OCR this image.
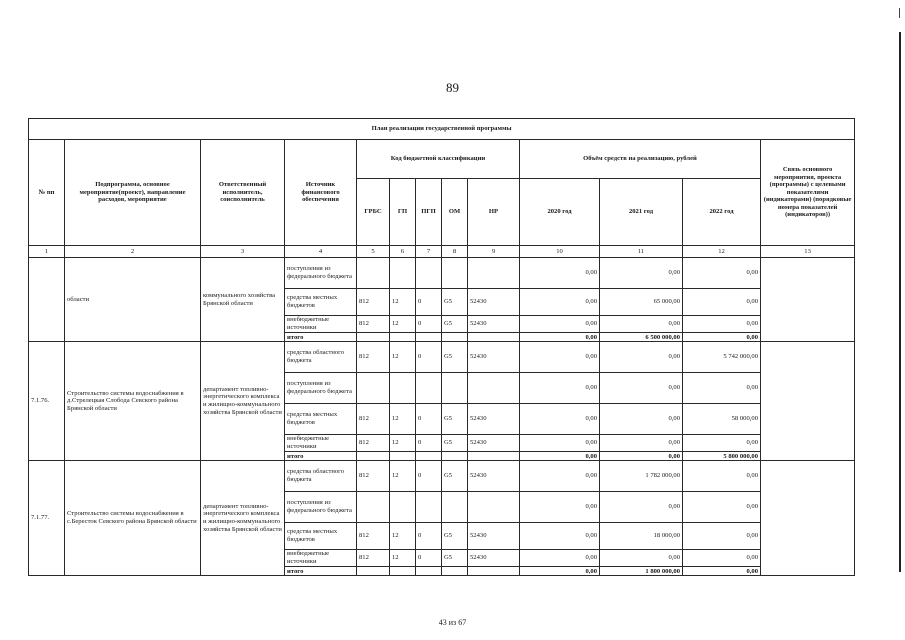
89
План реализации государственной программы												
№ пп	Подпрограмма, основное мероприятие(проект), направление расходов, мероприятие	Ответственный исполнитель, соисполнитель	Источник финансового обеспечения	Код бюджетной классификации					Объём средств на реализацию, рублей			Связь основного мероприятия, проекта (программы) с целевыми показателями (индикаторами) (порядковые номера показателей (индикаторов))
				ГРБС	ГП	ПГП	ОМ	НР	2020 год	2021 год	2022 год	
1	2	3	4	5	6	7	8	9	10	11	12	13
	области	коммунального хозяйства Брянской области	поступления из федерального бюджета						0,00	0,00	0,00	
			средства местных бюджетов	812	12	0	G5	52430	0,00	65 000,00	0,00	
			внебюджетные источники	812	12	0	G5	52430	0,00	0,00	0,00	
			итого						0,00	6 500 000,00	0,00	
7.1.76.	Строительство системы водоснабжения в д.Стрелецкая Слобода Севского района Брянской области	департамент топливно-энергетического комплекса и жилищно-коммунального хозяйства Брянской области	средства областного бюджета	812	12	0	G5	52430	0,00	0,00	5 742 000,00	
			поступления из федерального бюджета						0,00	0,00	0,00	
			средства местных бюджетов	812	12	0	G5	52430	0,00	0,00	58 000,00	
			внебюджетные источники	812	12	0	G5	52430	0,00	0,00	0,00	
			итого						0,00	0,00	5 800 000,00	
7.1.77.	Строительство системы водоснабжения в с.Бересток Севского района Брянской области	департамент топливно-энергетического комплекса и жилищно-коммунального хозяйства Брянской области	средства областного бюджета	812	12	0	G5	52430	0,00	1 782 000,00	0,00	
			поступления из федерального бюджета						0,00	0,00	0,00	
			средства местных бюджетов	812	12	0	G5	52430	0,00	18 000,00	0,00	
			внебюджетные источники	812	12	0	G5	52430	0,00	0,00	0,00	
			итого						0,00	1 800 000,00	0,00	
43 из 67
